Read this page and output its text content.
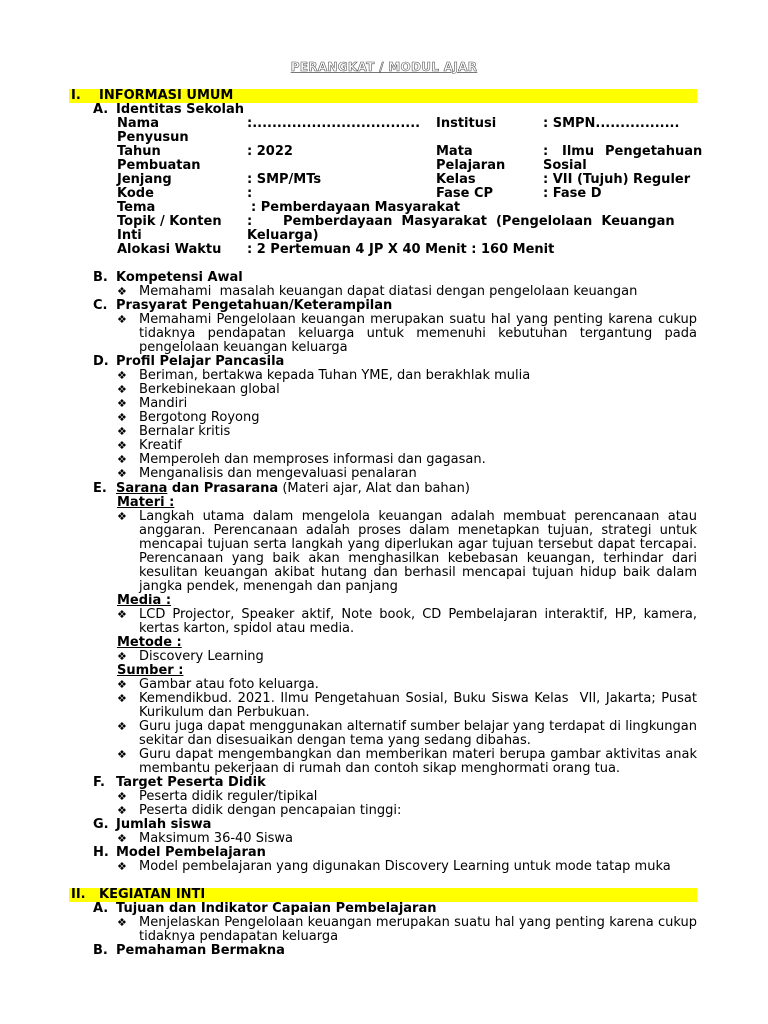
PERANGKAT / MODUL AJAR
I. INFORMASI UMUM
A. Identitas Sekolah
Nama	:.................................. Institusi	: SMPN.................
Penyusun
Tahun	: 2022	Mata	: Ilmu Pengetahuan
Pembuatan	Pelajaran	Sosial
Jenjang	: SMP/MTs	Kelas	: VII (Tujuh) Reguler
Kode	:	Fase CP	: Fase D
Tema	: Pemberdayaan Masyarakat
Topik / Konten : Pemberdayaan  Masyarakat  (Pengelolaan  Keuangan
Inti	Keluarga)
Alokasi Waktu : 2 Pertemuan 4 JP X 40 Menit : 160 Menit
B. Kompetensi Awal
❖ Memahami  masalah keuangan dapat diatasi dengan pengelolaan keuangan
C. Prasyarat Pengetahuan/Keterampilan
❖ Memahami Pengelolaan keuangan merupakan suatu hal yang penting karena cukup tidaknya pendapatan keluarga untuk memenuhi kebutuhan tergantung pada pengelolaan keuangan keluarga
D. Profil Pelajar Pancasila
❖ Beriman, bertakwa kepada Tuhan YME, dan berakhlak mulia
❖ Berkebinekaan global
❖ Mandiri
❖ Bergotong Royong
❖ Bernalar kritis
❖ Kreatif
❖ Memperoleh dan memproses informasi dan gagasan.
❖ Menganalisis dan mengevaluasi penalaran
E. Sarana dan Prasarana (Materi ajar, Alat dan bahan)
Materi :
❖ Langkah utama dalam mengelola keuangan adalah membuat perencanaan atau anggaran. Perencanaan adalah proses dalam menetapkan tujuan, strategi untuk mencapai tujuan serta langkah yang diperlukan agar tujuan tersebut dapat tercapai. Perencanaan yang baik akan menghasilkan kebebasan keuangan, terhindar dari kesulitan keuangan akibat hutang dan berhasil mencapai tujuan hidup baik dalam jangka pendek, menengah dan panjang
Media :
❖ LCD Projector, Speaker aktif, Note book, CD Pembelajaran interaktif, HP, kamera, kertas karton, spidol atau media.
Metode :
❖ Discovery Learning
Sumber :
❖ Gambar atau foto keluarga.
❖ Kemendikbud. 2021. Ilmu Pengetahuan Sosial, Buku Siswa Kelas  VII, Jakarta; Pusat Kurikulum dan Perbukuan.
❖ Guru juga dapat menggunakan alternatif sumber belajar yang terdapat di lingkungan sekitar dan disesuaikan dengan tema yang sedang dibahas.
❖ Guru dapat mengembangkan dan memberikan materi berupa gambar aktivitas anak membantu pekerjaan di rumah dan contoh sikap menghormati orang tua.
F. Target Peserta Didik
❖ Peserta didik reguler/tipikal
❖ Peserta didik dengan pencapaian tinggi:
G. Jumlah siswa
❖ Maksimum 36-40 Siswa
H. Model Pembelajaran
❖ Model pembelajaran yang digunakan Discovery Learning untuk mode tatap muka
II. KEGIATAN INTI
A. Tujuan dan Indikator Capaian Pembelajaran
❖ Menjelaskan Pengelolaan keuangan merupakan suatu hal yang penting karena cukup tidaknya pendapatan keluarga
B. Pemahaman Bermakna
